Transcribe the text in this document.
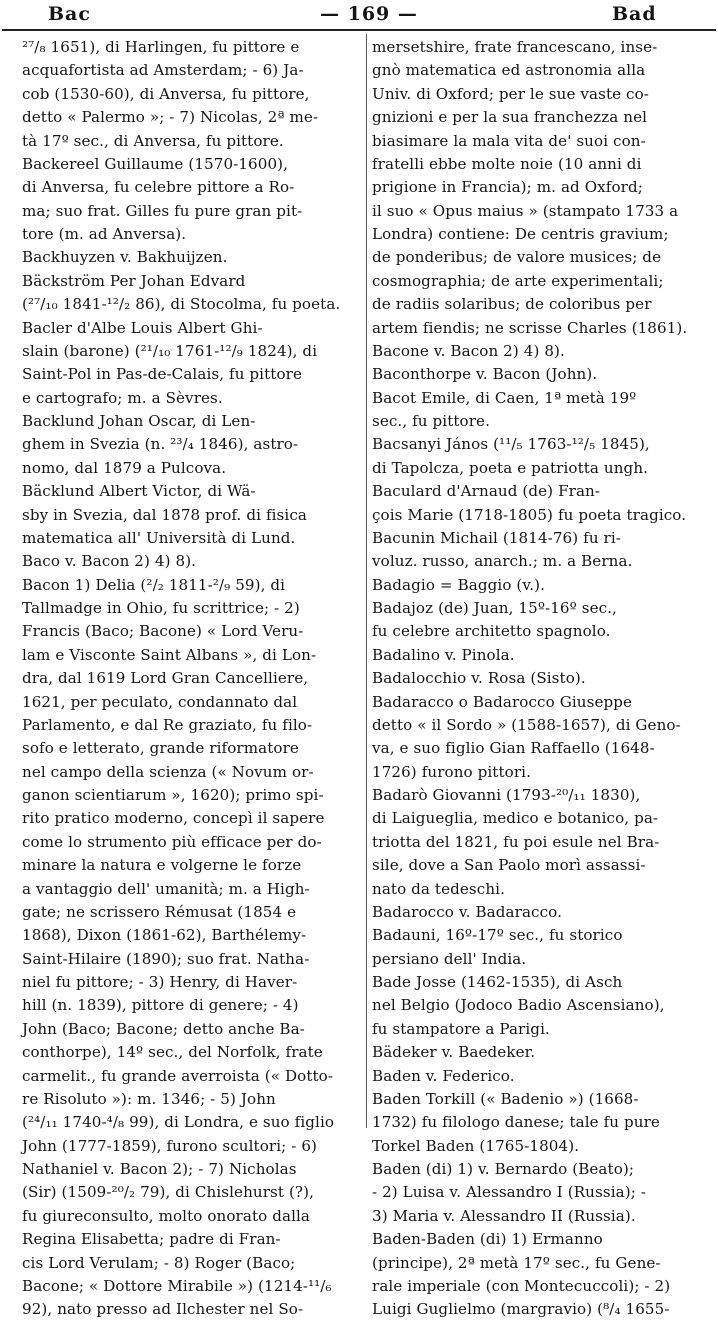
Bac	— 169 —	Bad
²⁷/₈ 1651), di Harlingen, fu pittore e
acquafortista ad Amsterdam; - 6) Ja-
cob (1530-60), di Anversa, fu pittore,
detto « Palermo »; - 7) Nicolas, 2ª me-
tà 17º sec., di Anversa, fu pittore.
Backereel Guillaume (1570-1600),
di Anversa, fu celebre pittore a Ro-
ma; suo frat. Gilles fu pure gran pit-
tore (m. ad Anversa).
Backhuyzen v. Bakhuijzen.
Bäckström Per Johan Edvard
(²⁷/₁₀ 1841-¹²/₂ 86), di Stocolma, fu poeta.
Bacler d'Albe Louis Albert Ghi-
slain (barone) (²¹/₁₀ 1761-¹²/₉ 1824), di
Saint-Pol in Pas-de-Calais, fu pittore
e cartografo; m. a Sèvres.
Backlund Johan Oscar, di Len-
ghem in Svezia (n. ²³/₄ 1846), astro-
nomo, dal 1879 a Pulcova.
Bäcklund Albert Victor, di Wä-
sby in Svezia, dal 1878 prof. di fisica
matematica all' Università di Lund.
Baco v. Bacon 2) 4) 8).
Bacon 1) Delia (²/₂ 1811-²/₉ 59), di
Tallmadge in Ohio, fu scrittrice; - 2)
Francis (Baco; Bacone) « Lord Veru-
lam e Visconte Saint Albans », di Lon-
dra, dal 1619 Lord Gran Cancelliere,
1621, per peculato, condannato dal
Parlamento, e dal Re graziato, fu filo-
sofo e letterato, grande riformatore
nel campo della scienza (« Novum or-
ganon scientiarum », 1620); primo spi-
rito pratico moderno, concepì il sapere
come lo strumento più efficace per do-
minare la natura e volgerne le forze
a vantaggio dell' umanità; m. a High-
gate; ne scrissero Rémusat (1854 e
1868), Dixon (1861-62), Barthélemy-
Saint-Hilaire (1890); suo frat. Natha-
niel fu pittore; - 3) Henry, di Haver-
hill (n. 1839), pittore di genere; - 4)
John (Baco; Bacone; detto anche Ba-
conthorpe), 14º sec., del Norfolk, frate
carmelit., fu grande averroista (« Dotto-
re Risoluto »): m. 1346; - 5) John
(²⁴/₁₁ 1740-⁴/₈ 99), di Londra, e suo figlio
John (1777-1859), furono scultori; - 6)
Nathaniel v. Bacon 2); - 7) Nicholas
(Sir) (1509-²⁰/₂ 79), di Chislehurst (?),
fu giureconsulto, molto onorato dalla
Regina Elisabetta; padre di Fran-
cis Lord Verulam; - 8) Roger (Baco;
Bacone; « Dottore Mirabile ») (1214-¹¹/₆
92), nato presso ad Ilchester nel So-
mersetshire, frate francescano, inse-
gnò matematica ed astronomia alla
Univ. di Oxford; per le sue vaste co-
gnizioni e per la sua franchezza nel
biasimare la mala vita de' suoi con-
fratelli ebbe molte noie (10 anni di
prigione in Francia); m. ad Oxford;
il suo « Opus maius » (stampato 1733 a
Londra) contiene: De centris gravium;
de ponderibus; de valore musices; de
cosmographia; de arte experimentali;
de radiis solaribus; de coloribus per
artem fiendis; ne scrisse Charles (1861).
Bacone v. Bacon 2) 4) 8).
Baconthorpe v. Bacon (John).
Bacot Emile, di Caen, 1ª metà 19º
sec., fu pittore.
Bacsanyi János (¹¹/₅ 1763-¹²/₅ 1845),
di Tapolcza, poeta e patriotta ungh.
Baculard d'Arnaud (de) Fran-
çois Marie (1718-1805) fu poeta tragico.
Bacunin Michail (1814-76) fu ri-
voluz. russo, anarch.; m. a Berna.
Badagio = Baggio (v.).
Badajoz (de) Juan, 15º-16º sec.,
fu celebre architetto spagnolo.
Badalino v. Pinola.
Badalocchio v. Rosa (Sisto).
Badaracco o Badarocco Giuseppe
detto « il Sordo » (1588-1657), di Geno-
va, e suo figlio Gian Raffaello (1648-
1726) furono pittori.
Badarò Giovanni (1793-²⁰/₁₁ 1830),
di Laigueglia, medico e botanico, pa-
triotta del 1821, fu poi esule nel Bra-
sile, dove a San Paolo morì assassi-
nato da tedeschi.
Badarocco v. Badaracco.
Badauni, 16º-17º sec., fu storico
persiano dell' India.
Bade Josse (1462-1535), di Asch
nel Belgio (Jodoco Badio Ascensiano),
fu stampatore a Parigi.
Bädeker v. Baedeker.
Baden v. Federico.
Baden Torkill (« Badenio ») (1668-
1732) fu filologo danese; tale fu pure
Torkel Baden (1765-1804).
Baden (di) 1) v. Bernardo (Beato);
- 2) Luisa v. Alessandro I (Russia); -
3) Maria v. Alessandro II (Russia).
Baden-Baden (di) 1) Ermanno
(principe), 2ª metà 17º sec., fu Gene-
rale imperiale (con Montecuccoli); - 2)
Luigi Guglielmo (margravio) (⁸/₄ 1655-
